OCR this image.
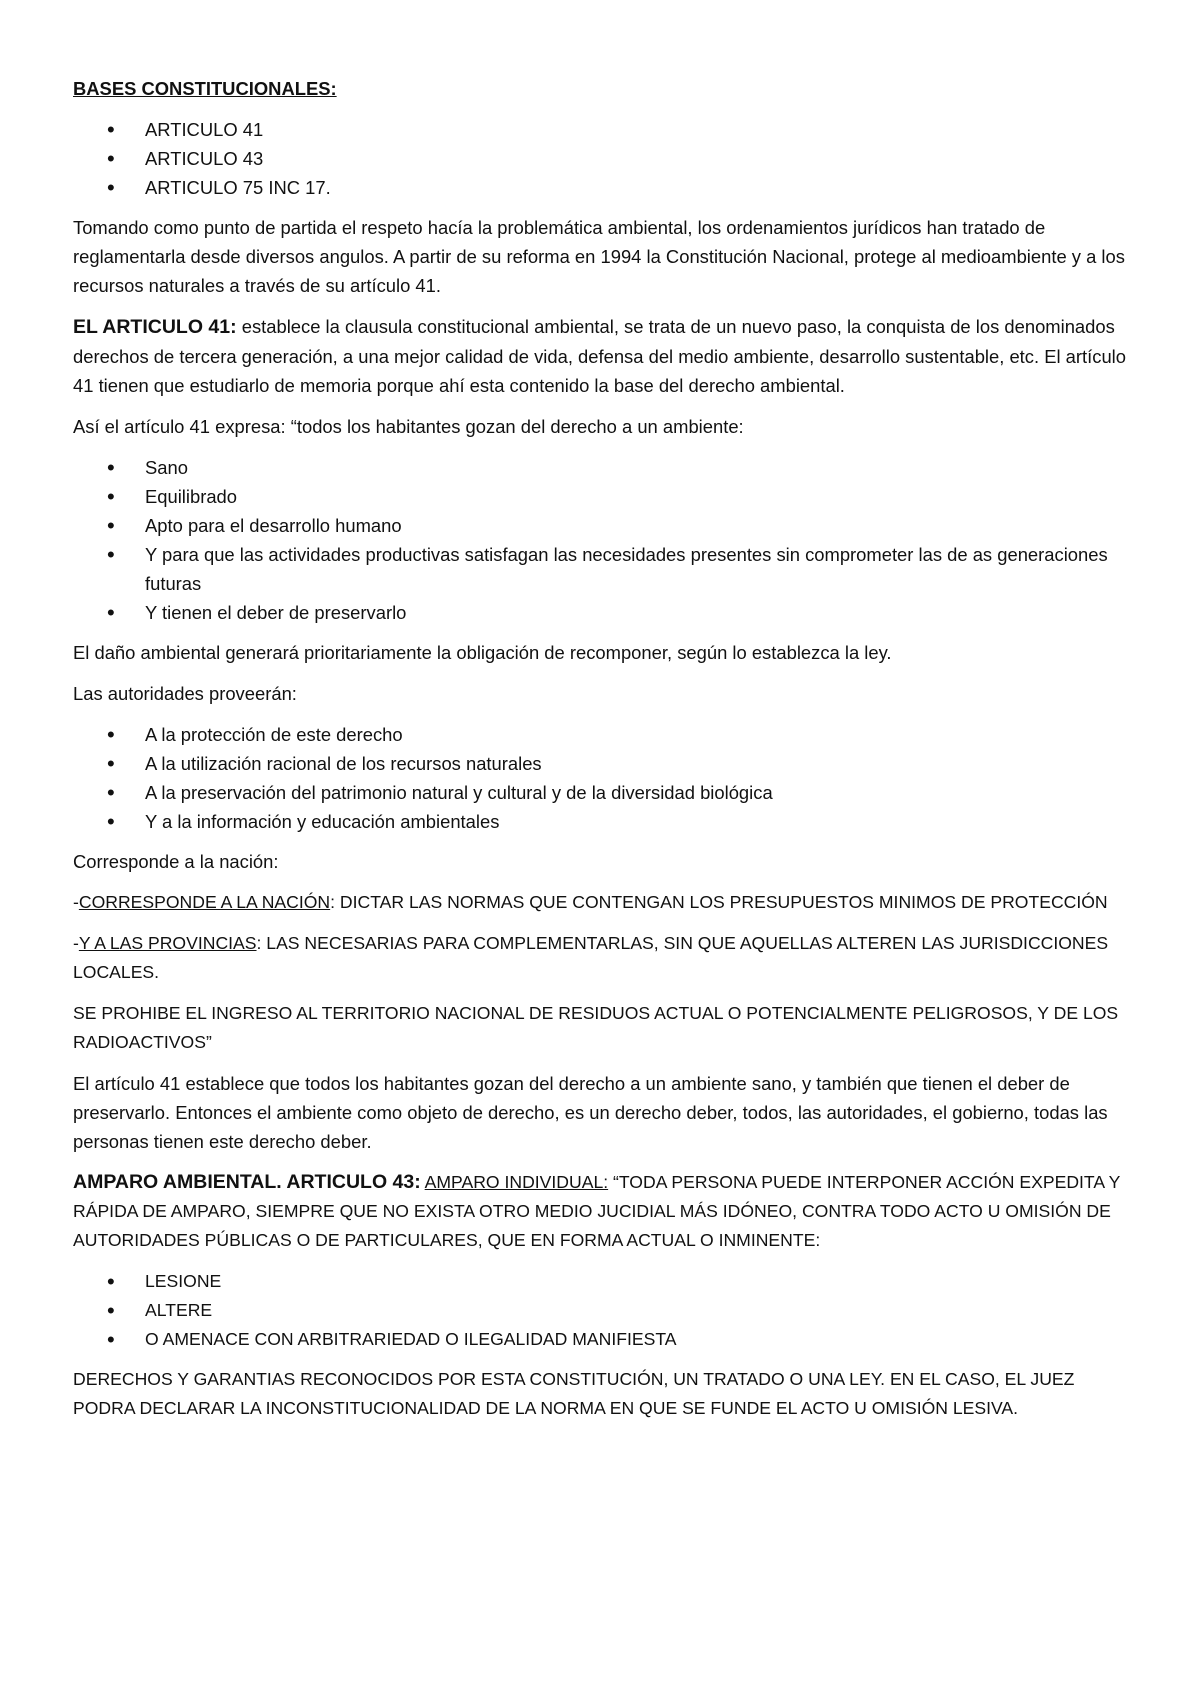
BASES CONSTITUCIONALES:

• ARTICULO 41
• ARTICULO 43
• ARTICULO 75 INC 17.

Tomando como punto de partida el respeto hacía la problemática ambiental, los ordenamientos jurídicos han tratado de reglamentarla desde diversos angulos. A partir de su reforma en 1994 la Constitución Nacional, protege al medioambiente y a los recursos naturales a través de su artículo 41.

EL ARTICULO 41: establece la clausula constitucional ambiental, se trata de un nuevo paso, la conquista de los denominados derechos de tercera generación, a una mejor calidad de vida, defensa del medio ambiente, desarrollo sustentable, etc. El artículo 41 tienen que estudiarlo de memoria porque ahí esta contenido la base del derecho ambiental.

Así el artículo 41 expresa: “todos los habitantes gozan del derecho a un ambiente:

• Sano
• Equilibrado
• Apto para el desarrollo humano
• Y para que las actividades productivas satisfagan las necesidades presentes sin comprometer las de as generaciones futuras
• Y tienen el deber de preservarlo

El daño ambiental generará prioritariamente la obligación de recomponer, según lo establezca la ley.

Las autoridades proveerán:

• A la protección de este derecho
• A la utilización racional de los recursos naturales
• A la preservación del patrimonio natural y cultural y de la diversidad biológica
• Y a la información y educación ambientales

Corresponde a la nación:

-CORRESPONDE A LA NACIÓN: DICTAR LAS NORMAS QUE CONTENGAN LOS PRESUPUESTOS MINIMOS DE PROTECCIÓN

-Y A LAS PROVINCIAS: LAS NECESARIAS PARA COMPLEMENTARLAS, SIN QUE AQUELLAS ALTEREN LAS JURISDICCIONES LOCALES.

SE PROHIBE EL INGRESO AL TERRITORIO NACIONAL DE RESIDUOS ACTUAL O POTENCIALMENTE PELIGROSOS, Y DE LOS RADIOACTIVOS”

El artículo 41 establece que todos los habitantes gozan del derecho a un ambiente sano, y también que tienen el deber de preservarlo. Entonces el ambiente como objeto de derecho, es un derecho deber, todos, las autoridades, el gobierno, todas las personas tienen este derecho deber.

AMPARO AMBIENTAL. ARTICULO 43: AMPARO INDIVIDUAL: “TODA PERSONA PUEDE INTERPONER ACCIÓN EXPEDITA Y RÁPIDA DE AMPARO, SIEMPRE QUE NO EXISTA OTRO MEDIO JUCIDIAL MÁS IDÓNEO, CONTRA TODO ACTO U OMISIÓN DE AUTORIDADES PÚBLICAS O DE PARTICULARES, QUE EN FORMA ACTUAL O INMINENTE:

• LESIONE
• ALTERE
• O AMENACE CON ARBITRARIEDAD O ILEGALIDAD MANIFIESTA

DERECHOS Y GARANTIAS RECONOCIDOS POR ESTA CONSTITUCIÓN, UN TRATADO O UNA LEY. EN EL CASO, EL JUEZ PODRA DECLARAR LA INCONSTITUCIONALIDAD DE LA NORMA EN QUE SE FUNDE EL ACTO U OMISIÓN LESIVA.
